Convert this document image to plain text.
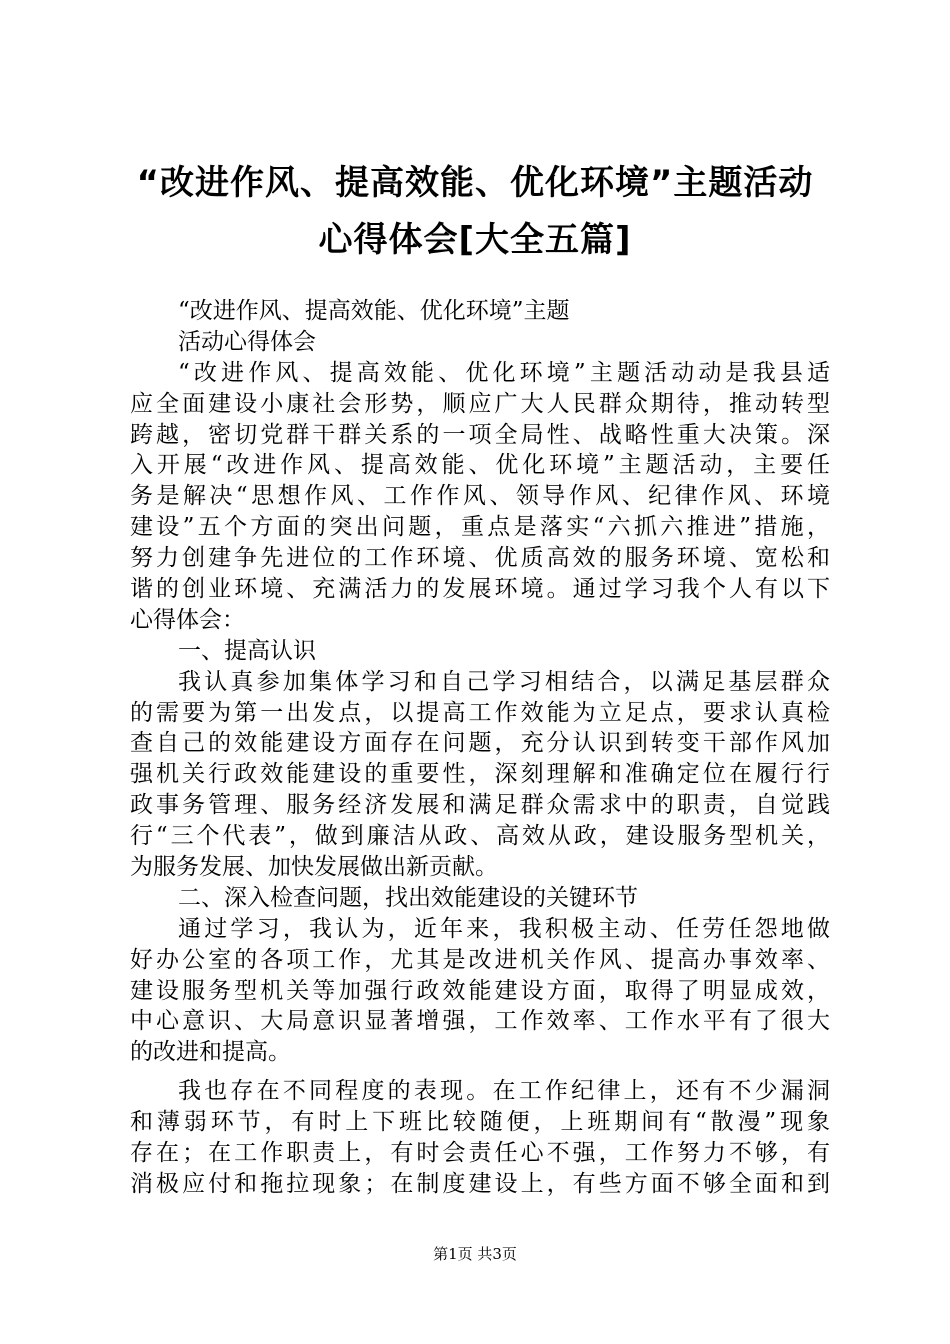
“改进作风、提高效能、优化环境”主题活动
心得体会[大全五篇]
“改进作风、提高效能、优化环境”主题
活动心得体会
“改进作风、提高效能、优化环境”主题活动动是我县适
应全面建设小康社会形势，顺应广大人民群众期待，推动转型
跨越，密切党群干群关系的一项全局性、战略性重大决策。深
入开展“改进作风、提高效能、优化环境”主题活动，主要任
务是解决“思想作风、工作作风、领导作风、纪律作风、环境
建设”五个方面的突出问题，重点是落实“六抓六推进”措施，
努力创建争先进位的工作环境、优质高效的服务环境、宽松和
谐的创业环境、充满活力的发展环境。通过学习我个人有以下
心得体会：
一、提高认识
我认真参加集体学习和自己学习相结合，以满足基层群众
的需要为第一出发点，以提高工作效能为立足点，要求认真检
查自己的效能建设方面存在问题，充分认识到转变干部作风加
强机关行政效能建设的重要性，深刻理解和准确定位在履行行
政事务管理、服务经济发展和满足群众需求中的职责，自觉践
行“三个代表”，做到廉洁从政、高效从政，建设服务型机关，
为服务发展、加快发展做出新贡献。
二、深入检查问题，找出效能建设的关键环节
通过学习，我认为，近年来，我积极主动、任劳任怨地做
好办公室的各项工作，尤其是改进机关作风、提高办事效率、
建设服务型机关等加强行政效能建设方面，取得了明显成效，
中心意识、大局意识显著增强，工作效率、工作水平有了很大
的改进和提高。
我也存在不同程度的表现。在工作纪律上，还有不少漏洞
和薄弱环节，有时上下班比较随便，上班期间有“散漫”现象
存在；在工作职责上，有时会责任心不强，工作努力不够，有
消极应付和拖拉现象；在制度建设上，有些方面不够全面和到
第1页 共3页
